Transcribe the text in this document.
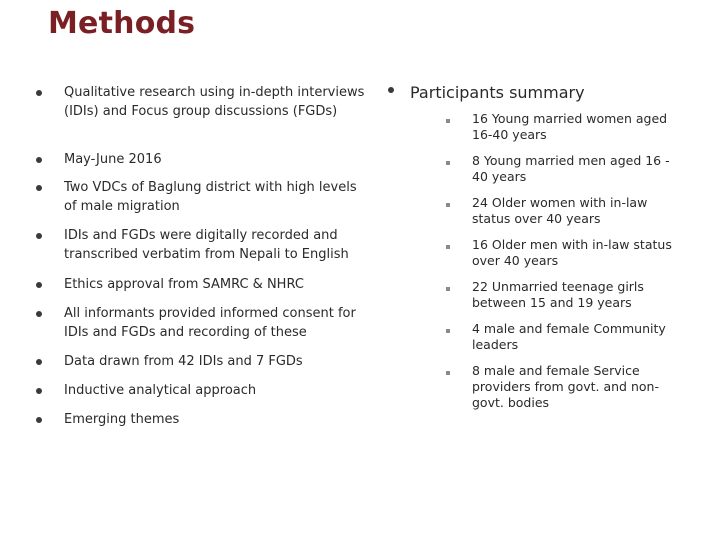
Methods
Qualitative research using in-depth interviews (IDIs) and Focus group discussions (FGDs)
May-June 2016
Two VDCs of Baglung district with high levels of male migration
IDIs and FGDs were digitally recorded and transcribed verbatim from Nepali to English
Ethics approval from SAMRC & NHRC
All informants provided informed consent for IDIs and FGDs and recording of these
Data drawn from 42 IDIs and 7 FGDs
Inductive analytical approach
Emerging themes
Participants summary
16 Young married women aged 16-40 years
8 Young married men aged 16 - 40 years
24 Older women with in-law status over 40 years
16 Older men with in-law status over 40 years
22 Unmarried teenage girls between 15 and 19 years
4 male and female Community leaders
8 male and female Service providers from govt. and non-govt. bodies
